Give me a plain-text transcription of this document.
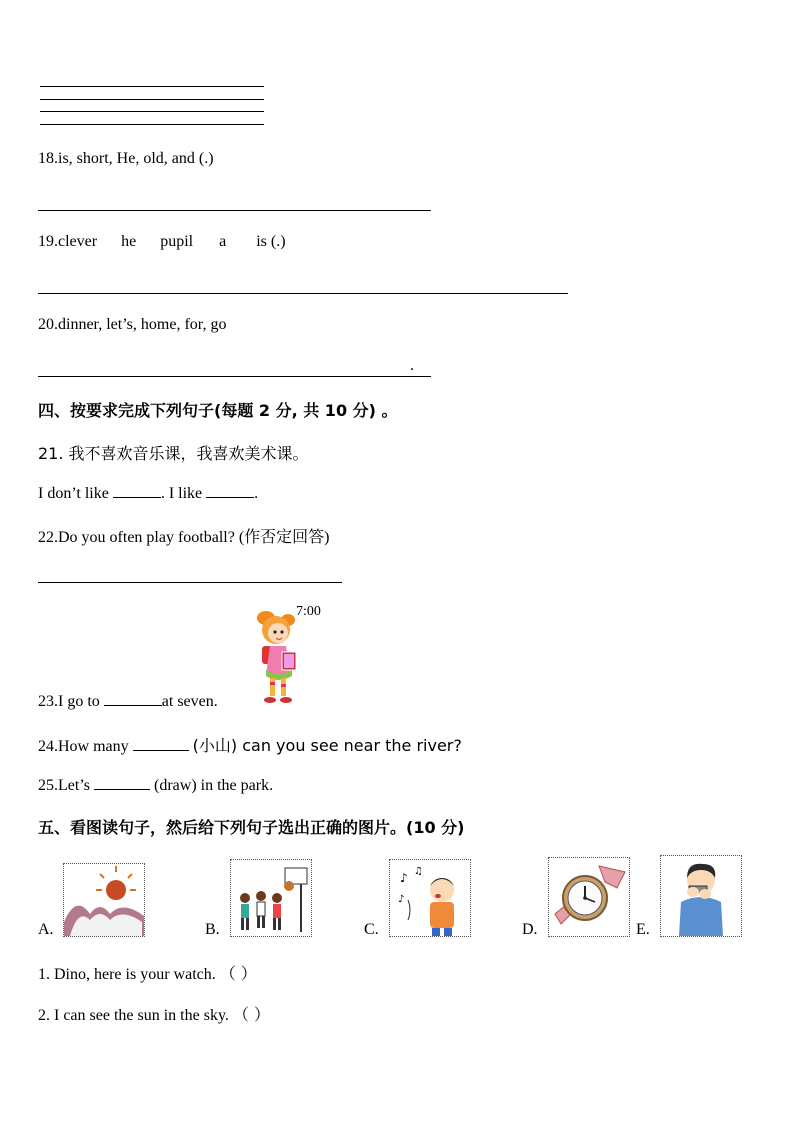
18.is, short, He, old, and (.)
19.clever he pupil a is (.)
20.dinner, let’s, home, for, go
.
四、按要求完成下列句子(每题 2 分, 共 10 分) 。
21. 我不喜欢音乐课，我喜欢美术课。
I don’t like	. I like	.
22.Do you often play football? (作否定回答)
7:00
23.I go to	at seven.
24.How many	(小山) can you see near the river?
25.Let’s	(draw) in the park.
五、看图读句子，然后给下列句子选出正确的图片。(10 分)
A.	B.	C.
♪ ♫
♪
D.	E.
1. Dino, here is your watch. （ ）
2. I can see the sun in the sky. （ ）
